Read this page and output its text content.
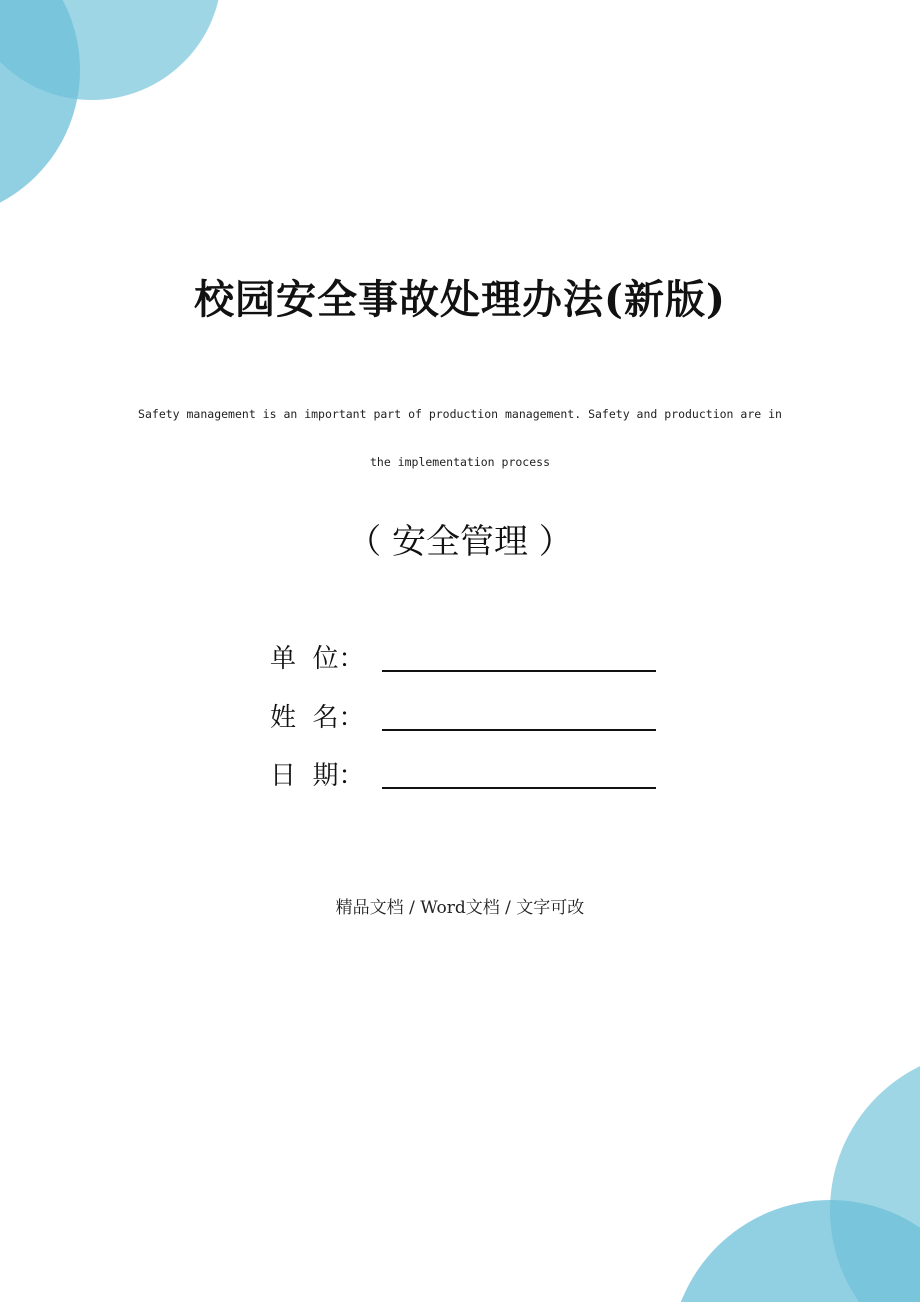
校园安全事故处理办法(新版)
Safety management is an important part of production management. Safety and production are in
the implementation process
（ 安全管理 ）
单  位：
姓  名：
日  期：
精品文档 / Word文档 / 文字可改
